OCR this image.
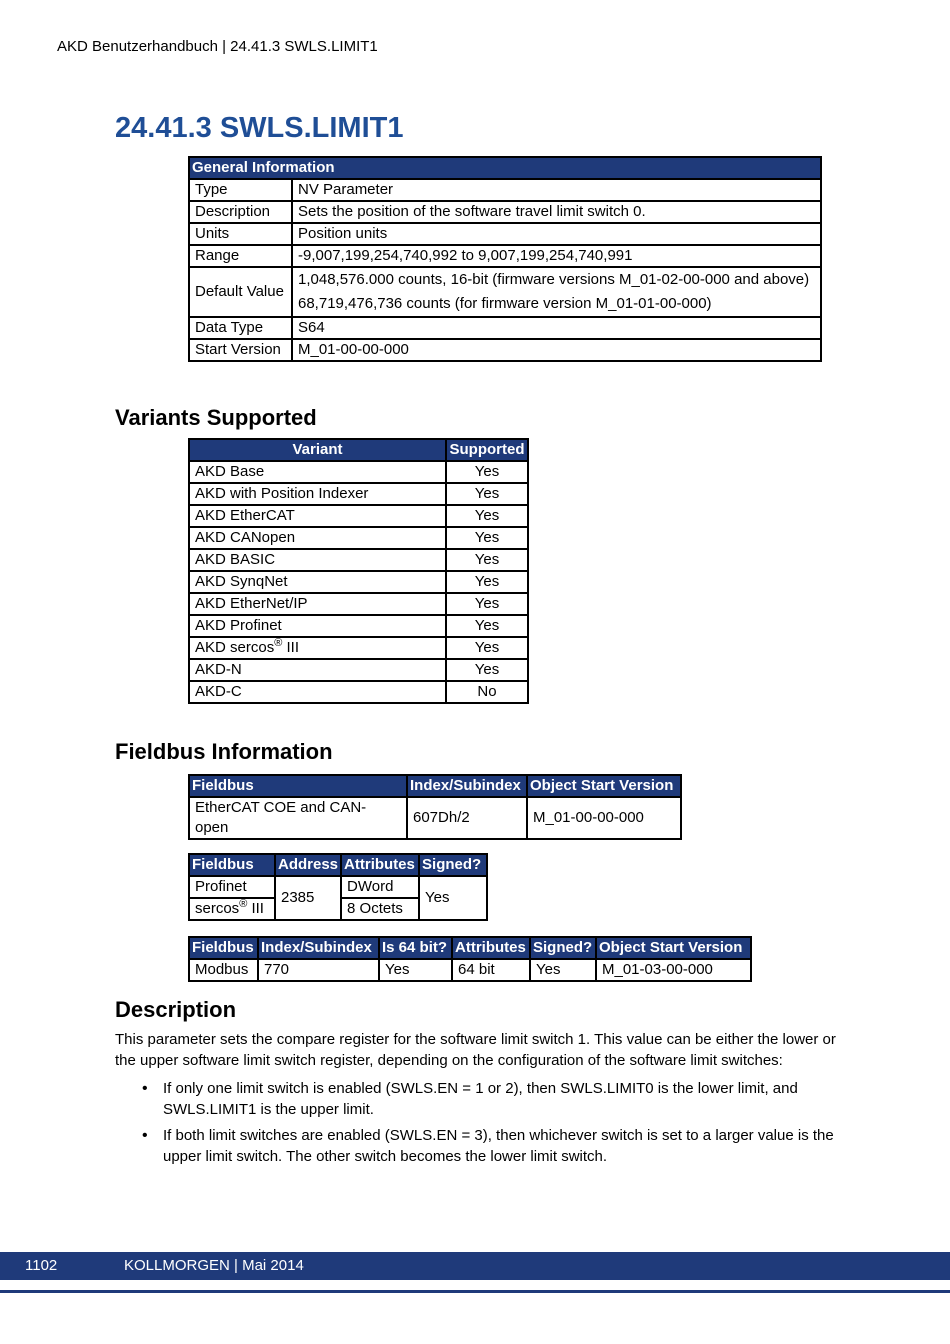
AKD Benutzerhandbuch | 24.41.3 SWLS.LIMIT1
24.41.3 SWLS.LIMIT1
General Information	
Type	NV Parameter
Description	Sets the position of the software travel limit switch 0.
Units	Position units
Range	-9,007,199,254,740,992 to 9,007,199,254,740,991
Default Value	1,048,576.000 counts, 16-bit (firmware versions M_01-02-00-000 and above)
68,719,476,736 counts (for firmware version M_01-01-00-000)

Data Type	S64
Start Version	M_01-00-00-000
Variants Supported
Variant	Supported
AKD Base	Yes
AKD with Position Indexer	Yes
AKD EtherCAT	Yes
AKD CANopen	Yes
AKD BASIC	Yes
AKD SynqNet	Yes
AKD EtherNet/IP	Yes
AKD Profinet	Yes
AKD sercos® III	Yes
AKD-N	Yes
AKD-C	No
Fieldbus Information
Fieldbus	Index/Subindex	Object Start Version
EtherCAT COE and CAN-open	607Dh/2	M_01-00-00-000
Fieldbus	Address	Attributes	Signed?
Profinet	2385	DWord	Yes
sercos® III		8 Octets	
Fieldbus	Index/Subindex	Is 64 bit?	Attributes	Signed?	Object Start Version
Modbus	770	Yes	64 bit	Yes	M_01-03-00-000
Description
This parameter sets the compare register for the software limit switch 1. This value can be either the lower or the upper software limit switch register, depending on the configuration of the software limit switches:
• If only one limit switch is enabled (SWLS.EN = 1 or 2), then SWLS.LIMIT0 is the lower limit, and SWLS.LIMIT1 is the upper limit.
• If both limit switches are enabled (SWLS.EN = 3), then whichever switch is set to a larger value is the upper limit switch. The other switch becomes the lower limit switch.
1102	KOLLMORGEN | Mai 2014
